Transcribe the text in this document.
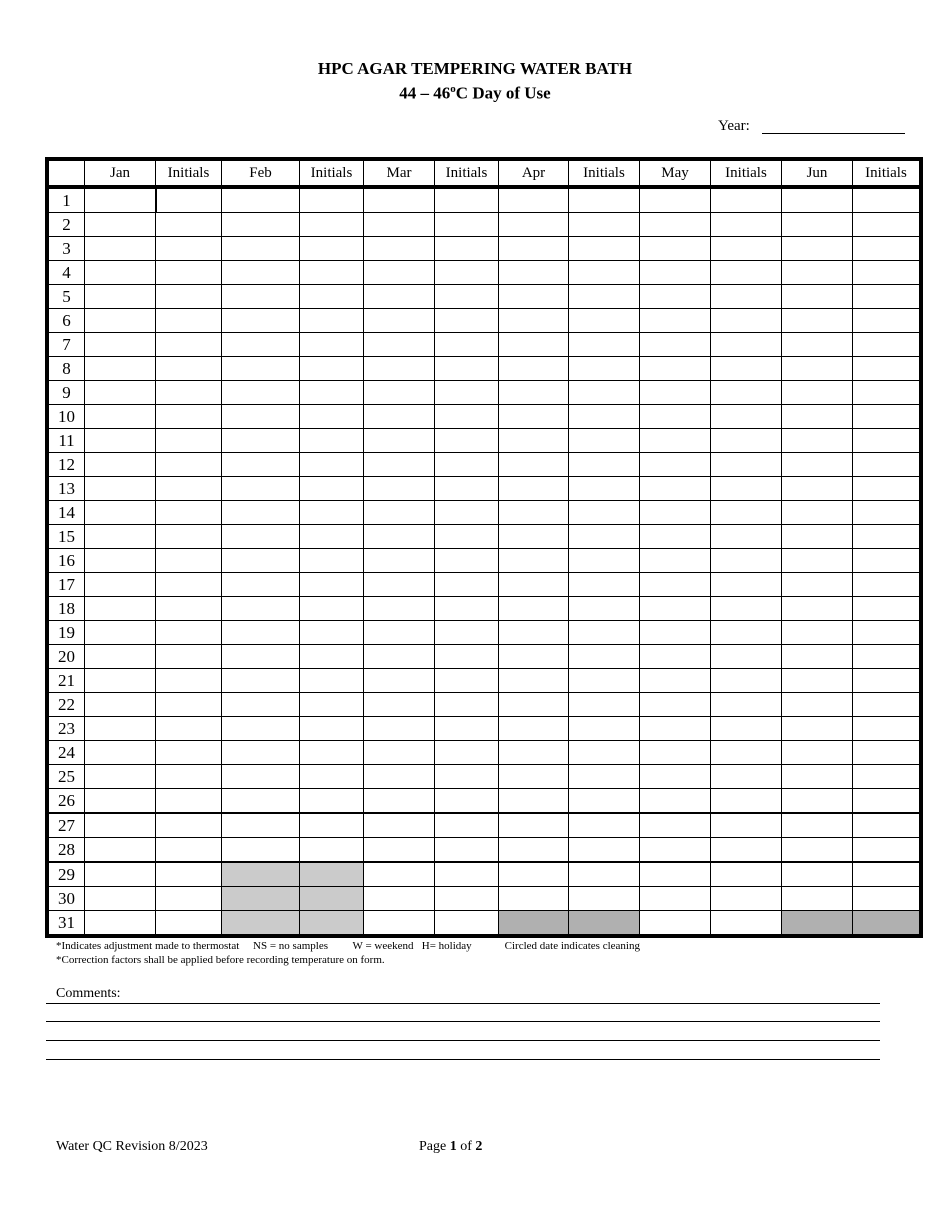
HPC AGAR TEMPERING WATER BATH
44 – 46$^o$C Day of Use
Year:
	Jan	Initials	Feb	Initials	Mar	Initials	Apr	Initials	May	Initials	Jun	Initials
1												
2												
3												
4												
5												
6												
7												
8												
9												
10												
11												
12												
13												
14												
15												
16												
17												
18												
19												
20												
21												
22												
23												
24												
25												
26												
27												
28												
29												
30												
31												
*Indicates adjustment made to thermostat     NS = no samples         W = weekend   H= holiday            Circled date indicates cleaning
*Correction factors shall be applied before recording temperature on form.
Comments:
Water QC Revision 8/2023	Page 1 of 2
